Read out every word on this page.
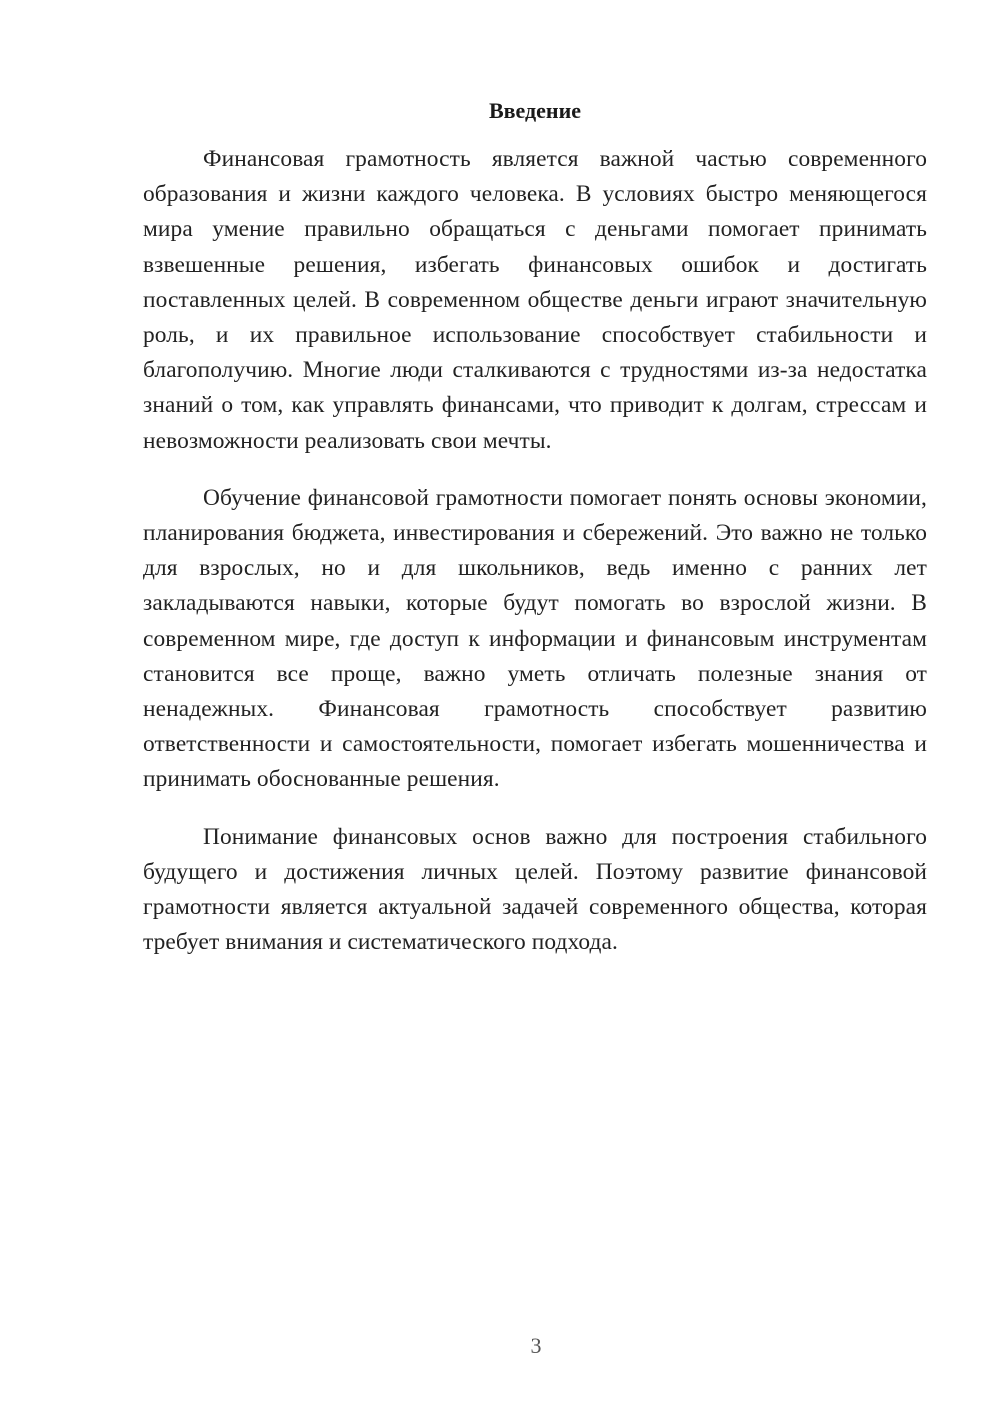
Введение

Финансовая грамотность является важной частью современного образования и жизни каждого человека. В условиях быстро меняющегося мира умение правильно обращаться с деньгами помогает принимать взвешенные решения, избегать финансовых ошибок и достигать поставленных целей. В современном обществе деньги играют значительную роль, и их правильное использование способствует стабильности и благополучию. Многие люди сталкиваются с трудностями из-за недостатка знаний о том, как управлять финансами, что приводит к долгам, стрессам и невозможности реализовать свои мечты.

Обучение финансовой грамотности помогает понять основы экономии, планирования бюджета, инвестирования и сбережений. Это важно не только для взрослых, но и для школьников, ведь именно с ранних лет закладываются навыки, которые будут помогать во взрослой жизни. В современном мире, где доступ к информации и финансовым инструментам становится все проще, важно уметь отличать полезные знания от ненадежных. Финансовая грамотность способствует развитию ответственности и самостоятельности, помогает избегать мошенничества и принимать обоснованные решения.

Понимание финансовых основ важно для построения стабильного будущего и достижения личных целей. Поэтому развитие финансовой грамотности является актуальной задачей современного общества, которая требует внимания и систематического подхода.

3
